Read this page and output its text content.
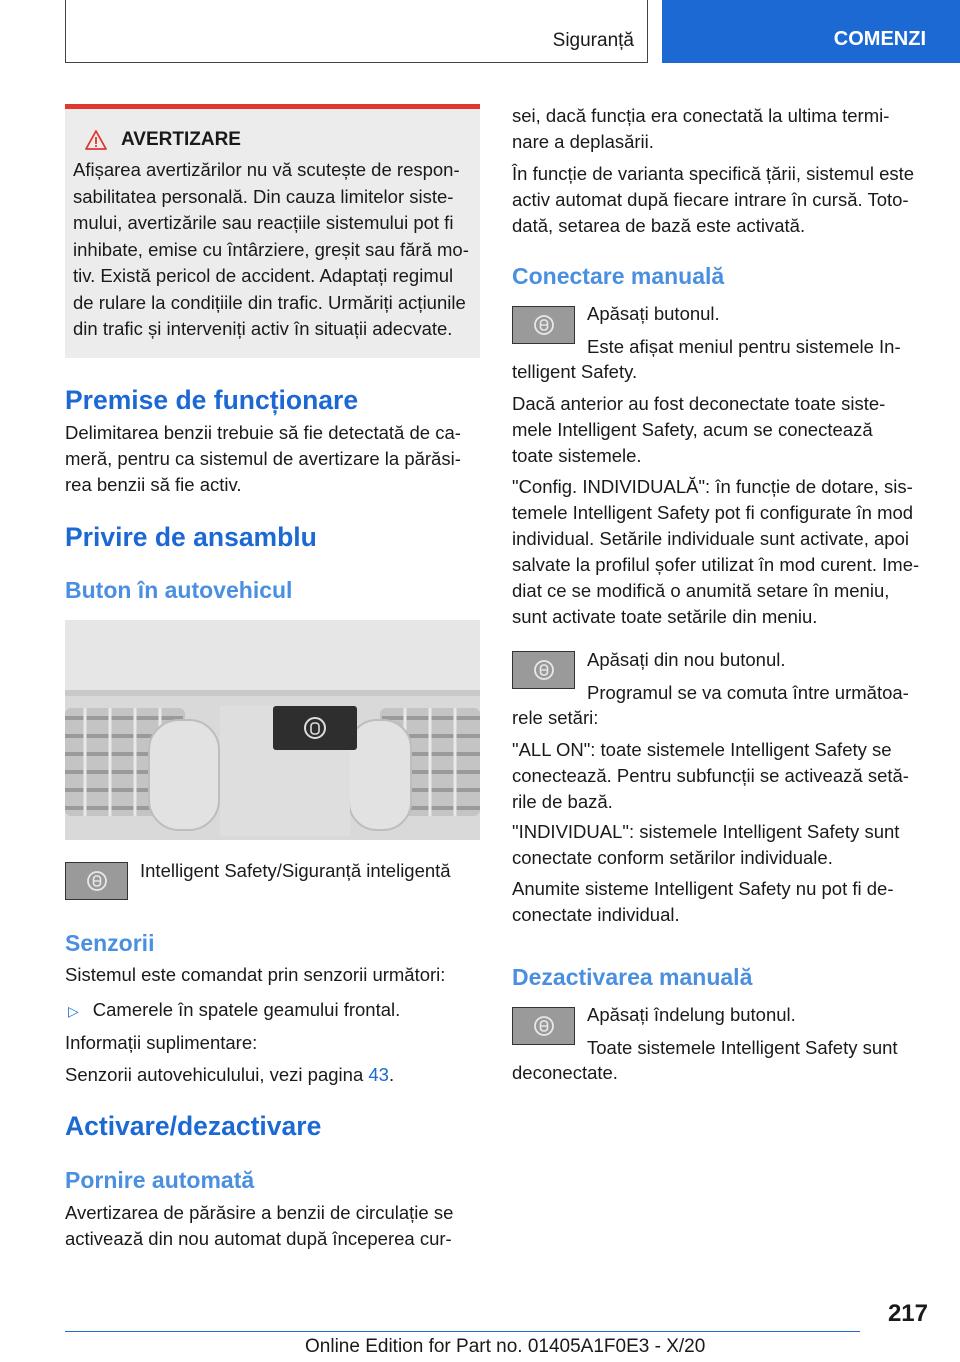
Siguranță	COMENZI
AVERTIZARE

Afișarea avertizărilor nu vă scutește de respon-

sabilitatea personală. Din cauza limitelor siste-

mului, avertizările sau reacțiile sistemului pot fi

inhibate, emise cu întârziere, greșit sau fără mo-

tiv. Există pericol de accident. Adaptați regimul

de rulare la condițiile din trafic. Urmăriți acțiunile

din trafic și interveniți activ în situații adecvate.

Premise de funcționare

Delimitarea benzii trebuie să fie detectată de ca-

meră, pentru ca sistemul de avertizare la părăsi-

rea benzii să fie activ.

Privire de ansamblu
Buton în autovehicul

Intelligent Safety/Siguranță inteligentă

Senzorii

Sistemul este comandat prin senzorii următori:

▷ Camerele în spatele geamului frontal.

Informații suplimentare:

Senzorii autovehiculului, vezi pagina 43.

Activare/dezactivare
Pornire automată

Avertizarea de părăsire a benzii de circulație se

activează din nou automat după începerea cur-

sei, dacă funcția era conectată la ultima termi-

nare a deplasării.

În funcție de varianta specifică țării, sistemul este

activ automat după fiecare intrare în cursă. Toto-

dată, setarea de bază este activată.

Conectare manuală

Apăsați butonul.

Este afișat meniul pentru sistemele In-

telligent Safety.

Dacă anterior au fost deconectate toate siste-

mele Intelligent Safety, acum se conectează

toate sistemele.

"Config. INDIVIDUALĂ": în funcție de dotare, sis-

temele Intelligent Safety pot fi configurate în mod

individual. Setările individuale sunt activate, apoi

salvate la profilul șofer utilizat în mod curent. Ime-

diat ce se modifică o anumită setare în meniu,

sunt activate toate setările din meniu.

Apăsați din nou butonul.

Programul se va comuta între următoa-

rele setări:

"ALL ON": toate sistemele Intelligent Safety se

conectează. Pentru subfuncții se activează setă-

rile de bază.

"INDIVIDUAL": sistemele Intelligent Safety sunt

conectate conform setărilor individuale.

Anumite sisteme Intelligent Safety nu pot fi de-

conectate individual.

Dezactivarea manuală

Apăsați îndelung butonul.

Toate sistemele Intelligent Safety sunt

deconectate.

217
Online Edition for Part no. 01405A1F0E3 - X/20
